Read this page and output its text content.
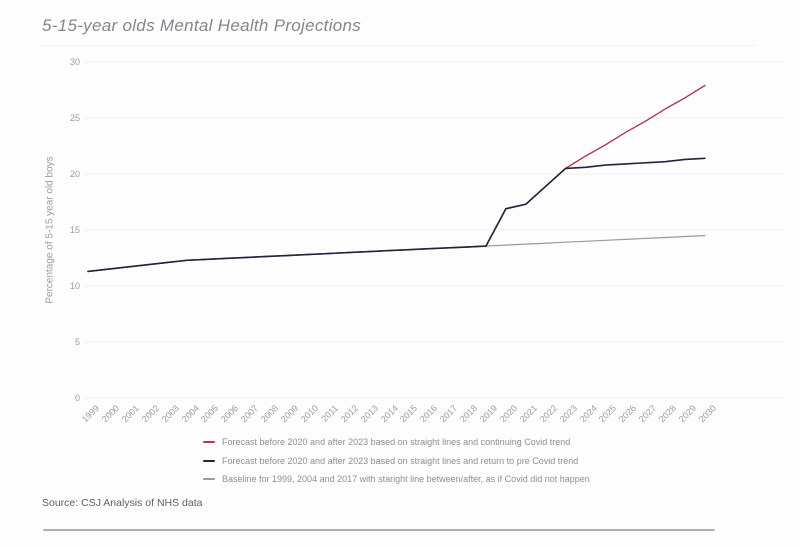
5-15-year olds Mental Health Projections
Percentage of 5-15 year old boys
0
5
10
15
20
25
30
1999
2000
2001
2002
2003
2004
2005
2006
2007
2008
2009
2010 2011
2012
2013
2014
2015
2016
2017
2018
2019
2020
2021
2022
2023
2024
2025
2026
2027
2028
2029
2030
Forecast before 2020 and after 2023 based on straight lines and continuing Covid trend
Forecast before 2020 and after 2023 based on straight lines and return to pre Covid trend
Baseline for 1999, 2004 and 2017 with staright line between/after, as if Covid did not happen
Source: CSJ Analysis of NHS data
